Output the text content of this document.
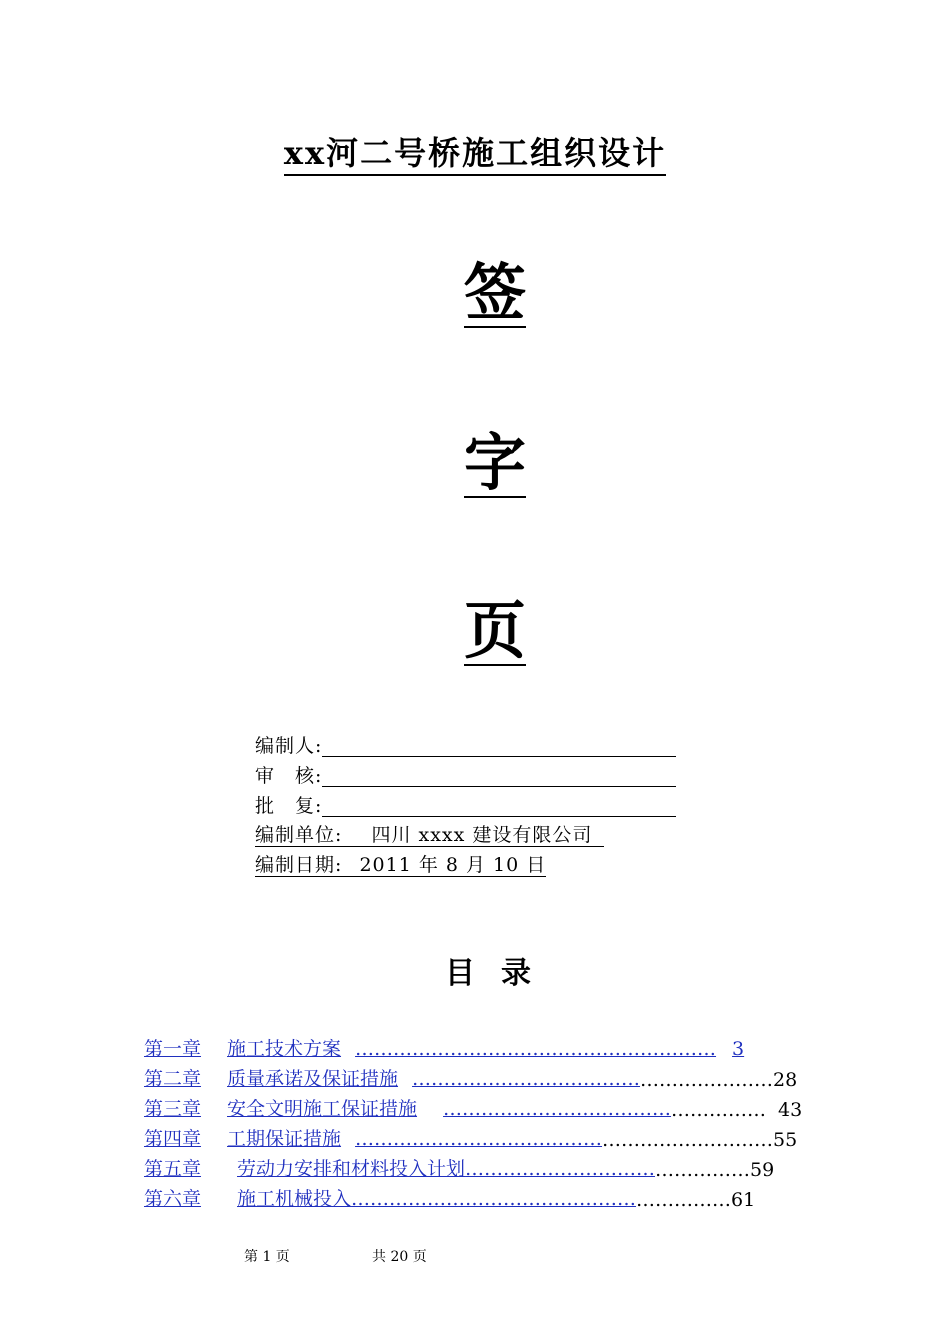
xx河二号桥施工组织设计
签
字
页
编制人:
审　核:
批　复:
编制单位: 四川 xxxx 建设有限公司
编制日期: 2011 年 8 月 10 日
目录
第一章 施工技术方案 ………………………………………………… 3
第二章 质量承诺及保证措施 ……………………………… ………………… 28
第三章 安全文明施工保证措施 ……………………………… …………… 43
第四章 工期保证措施 ………………………………… ……………………… 55
第五章 劳动力安排和材料投入计划………………………… …………… 59
第六章 施工机械投入……………………………………… …………… 61
第 1 页	共 20 页
